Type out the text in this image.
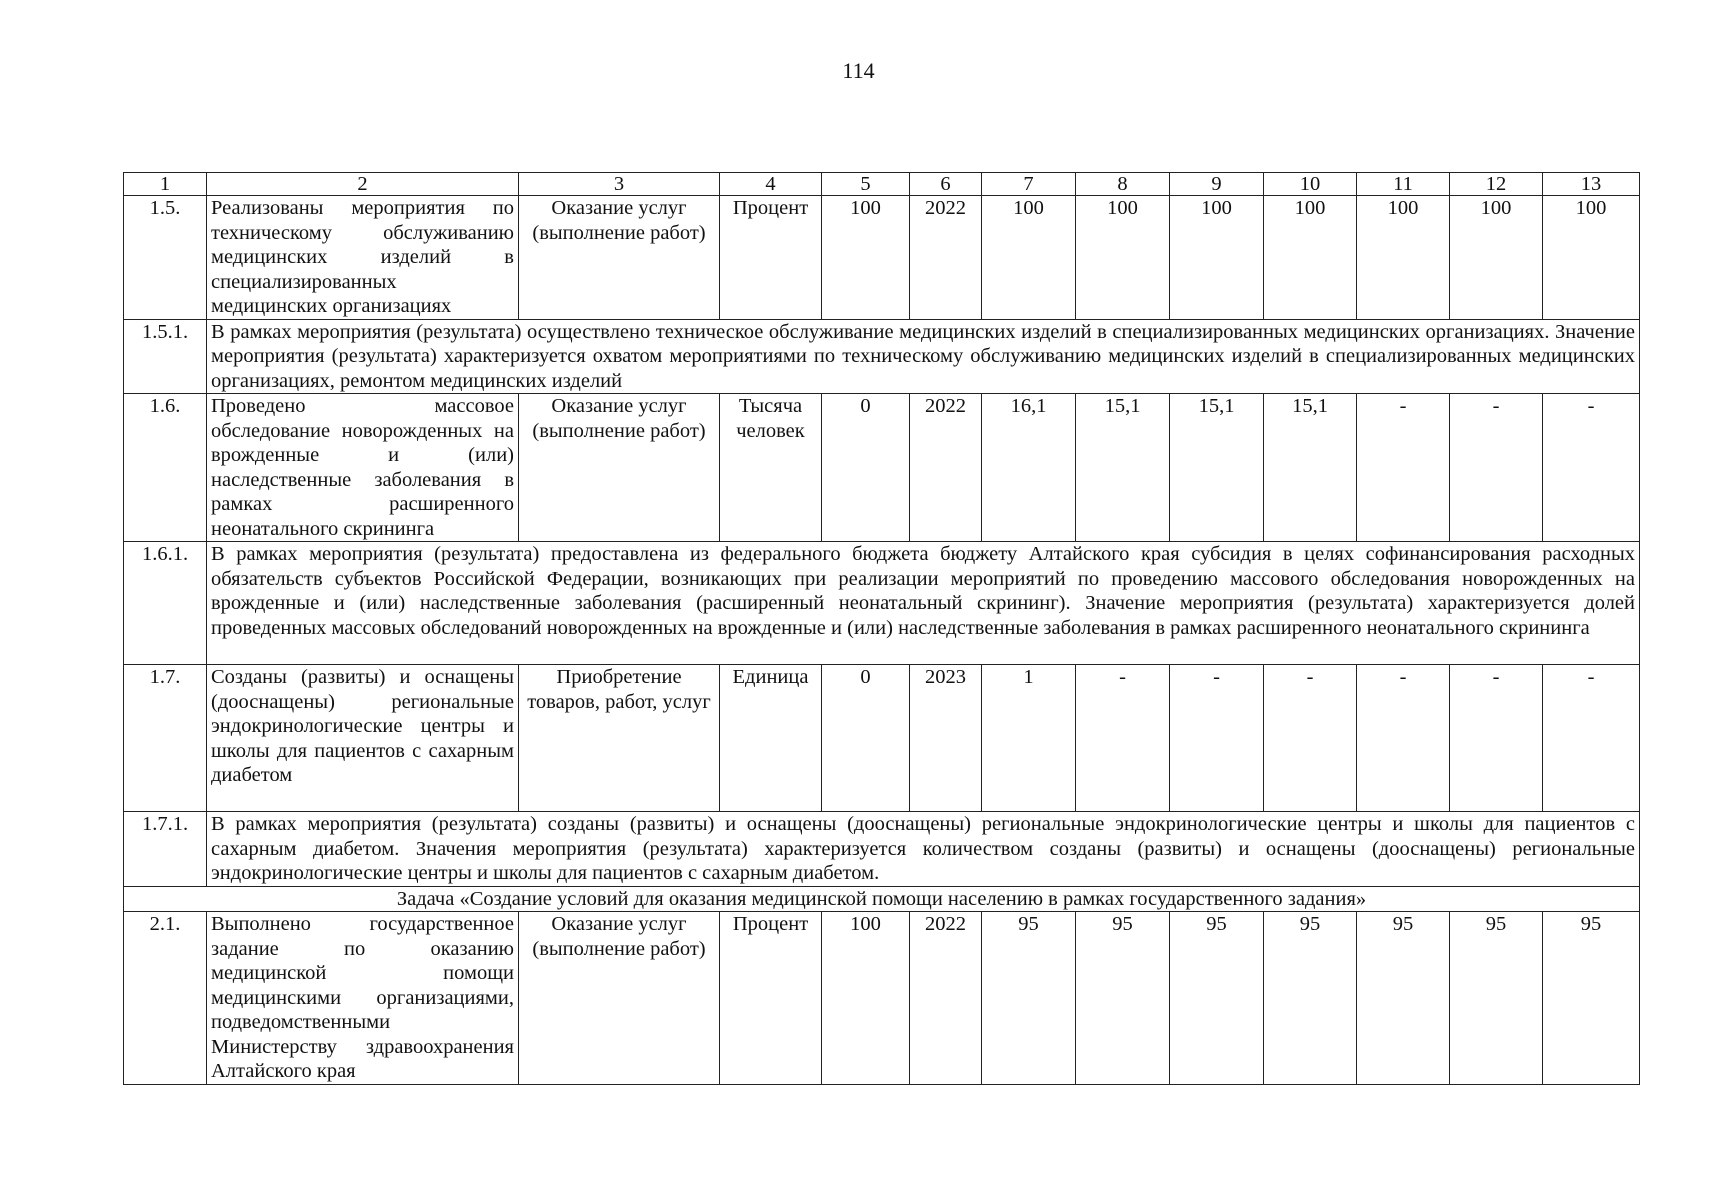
114
1	2	3	4	5	6	7	8	9	10	11	12	13
1.5.	Реализованы мероприятия по техническому обслуживанию медицинских изделий в специализированных медицинских организациях	Оказание услуг (выполнение работ)	Процент	100	2022	100	100	100	100	100	100	100
1.5.1.	В рамках мероприятия (результата) осуществлено техническое обслуживание медицинских изделий в специализированных медицинских организациях. Значение мероприятия (результата) характеризуется охватом мероприятиями по техническому обслуживанию медицинских изделий в специализированных медицинских организациях, ремонтом медицинских изделий											
1.6.	Проведено массовое обследование новорожденных на врожденные и (или) наследственные заболевания в рамках расширенного неонатального скрининга	Оказание услуг (выполнение работ)	Тысяча человек	0	2022	16,1	15,1	15,1	15,1	-	-	-
1.6.1.	В рамках мероприятия (результата) предоставлена из федерального бюджета бюджету Алтайского края субсидия в целях софинансирования расходных обязательств субъектов Российской Федерации, возникающих при реализации мероприятий по проведению массового обследования новорожденных на врожденные и (или) наследственные заболевания (расширенный неонатальный скрининг). Значение мероприятия (результата) характеризуется долей проведенных массовых обследований новорожденных на врожденные и (или) наследственные заболевания в рамках расширенного неонатального скрининга											
1.7.	Созданы (развиты) и оснащены (дооснащены) региональные эндокринологические центры и школы для пациентов с сахарным диабетом	Приобретение товаров, работ, услуг	Единица	0	2023	1	-	-	-	-	-	-
1.7.1.	В рамках мероприятия (результата) созданы (развиты) и оснащены (дооснащены) региональные эндокринологические центры и школы для пациентов с сахарным диабетом. Значения мероприятия (результата) характеризуется количеством созданы (развиты) и оснащены (дооснащены) региональные эндокринологические центры и школы для пациентов с сахарным диабетом.											
Задача «Создание условий для оказания медицинской помощи населению в рамках государственного задания»												
2.1.	Выполнено государственное задание по оказанию медицинской помощи медицинскими организациями, подведомственными Министерству здравоохранения Алтайского края	Оказание услуг (выполнение работ)	Процент	100	2022	95	95	95	95	95	95	95
